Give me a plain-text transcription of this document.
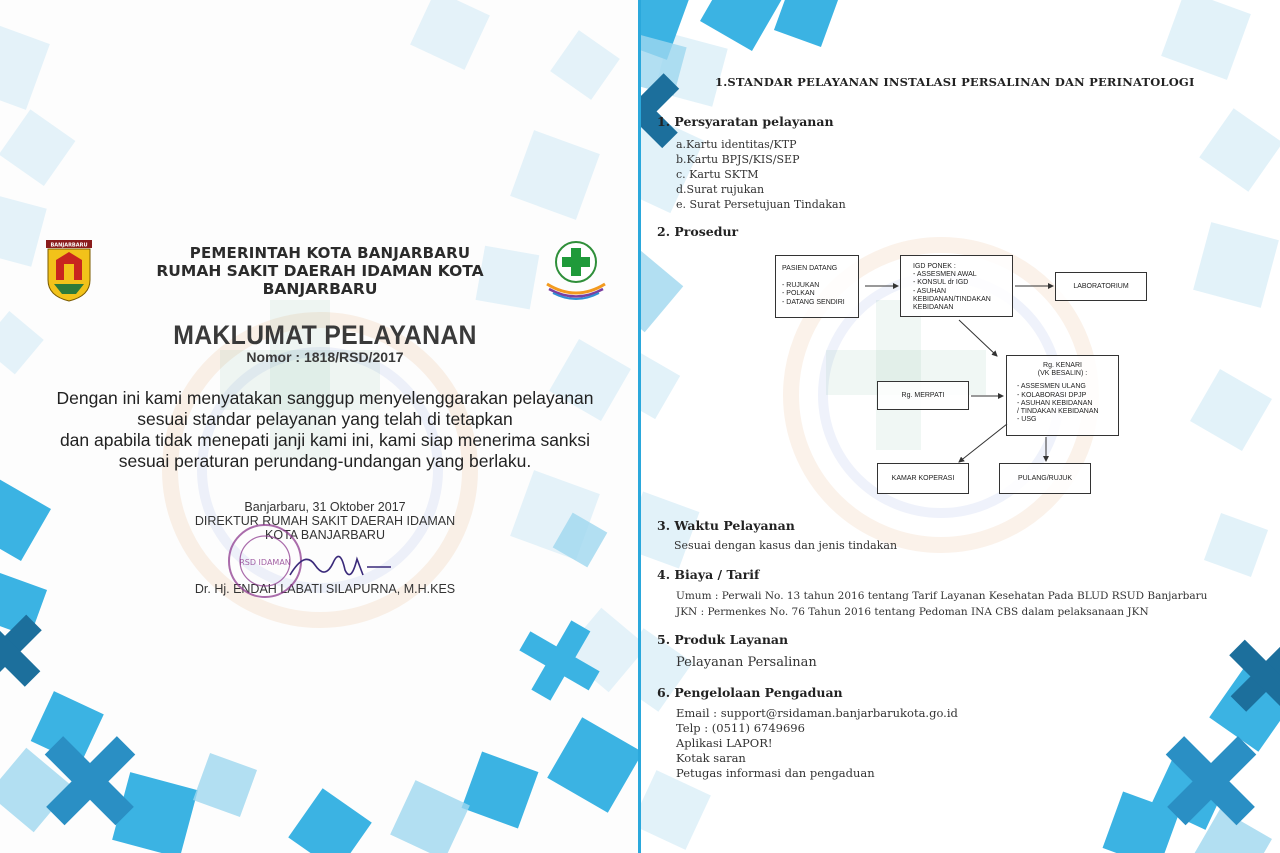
BANJARBARU	PEMERINTAH KOTA BANJARBARU
RUMAH SAKIT DAERAH IDAMAN KOTA BANJARBARU
MAKLUMAT PELAYANAN
Nomor : 1818/RSD/2017
Dengan ini kami menyatakan sanggup menyelenggarakan pelayanan
sesuai standar pelayanan yang telah di tetapkan
dan apabila tidak menepati janji kami ini, kami siap menerima sanksi
sesuai peraturan perundang-undangan yang berlaku.
Banjarbaru, 31 Oktober 2017
DIREKTUR RUMAH SAKIT DAERAH IDAMAN
KOTA BANJARBARU
RSD IDAMAN
Dr. Hj. ENDAH LABATI SILAPURNA, M.H.KES
1.STANDAR PELAYANAN INSTALASI PERSALINAN DAN PERINATOLOGI
1. Persyaratan pelayanan
a.Kartu identitas/KTP
b.Kartu BPJS/KIS/SEP
c. Kartu SKTM
d.Surat rujukan
e. Surat Persetujuan Tindakan
2. Prosedur
PASIEN DATANG
- RUJUKAN
- POLKAN
- DATANG SENDIRI
IGD PONEK :
- ASSESMEN AWAL
- KONSUL dr IGD
- ASUHAN
KEBIDANAN/TINDAKAN
KEBIDANAN
LABORATORIUM
Rg. MERPATI
Rg. KENARI
(VK BESALIN) :
- ASSESMEN ULANG
- KOLABORASI DPJP
- ASUHAN KEBIDANAN
/ TINDAKAN KEBIDANAN
- USG
KAMAR KOPERASI	PULANG/RUJUK
3. Waktu Pelayanan
Sesuai dengan kasus dan jenis tindakan
4. Biaya / Tarif
Umum : Perwali No. 13 tahun 2016 tentang Tarif Layanan Kesehatan Pada BLUD RSUD Banjarbaru
JKN : Permenkes No. 76 Tahun 2016 tentang Pedoman INA CBS dalam pelaksanaan JKN
5. Produk Layanan
Pelayanan Persalinan
6. Pengelolaan Pengaduan
Email : support@rsidaman.banjarbarukota.go.id
Telp : (0511) 6749696
Aplikasi LAPOR!
Kotak saran
Petugas informasi dan pengaduan
